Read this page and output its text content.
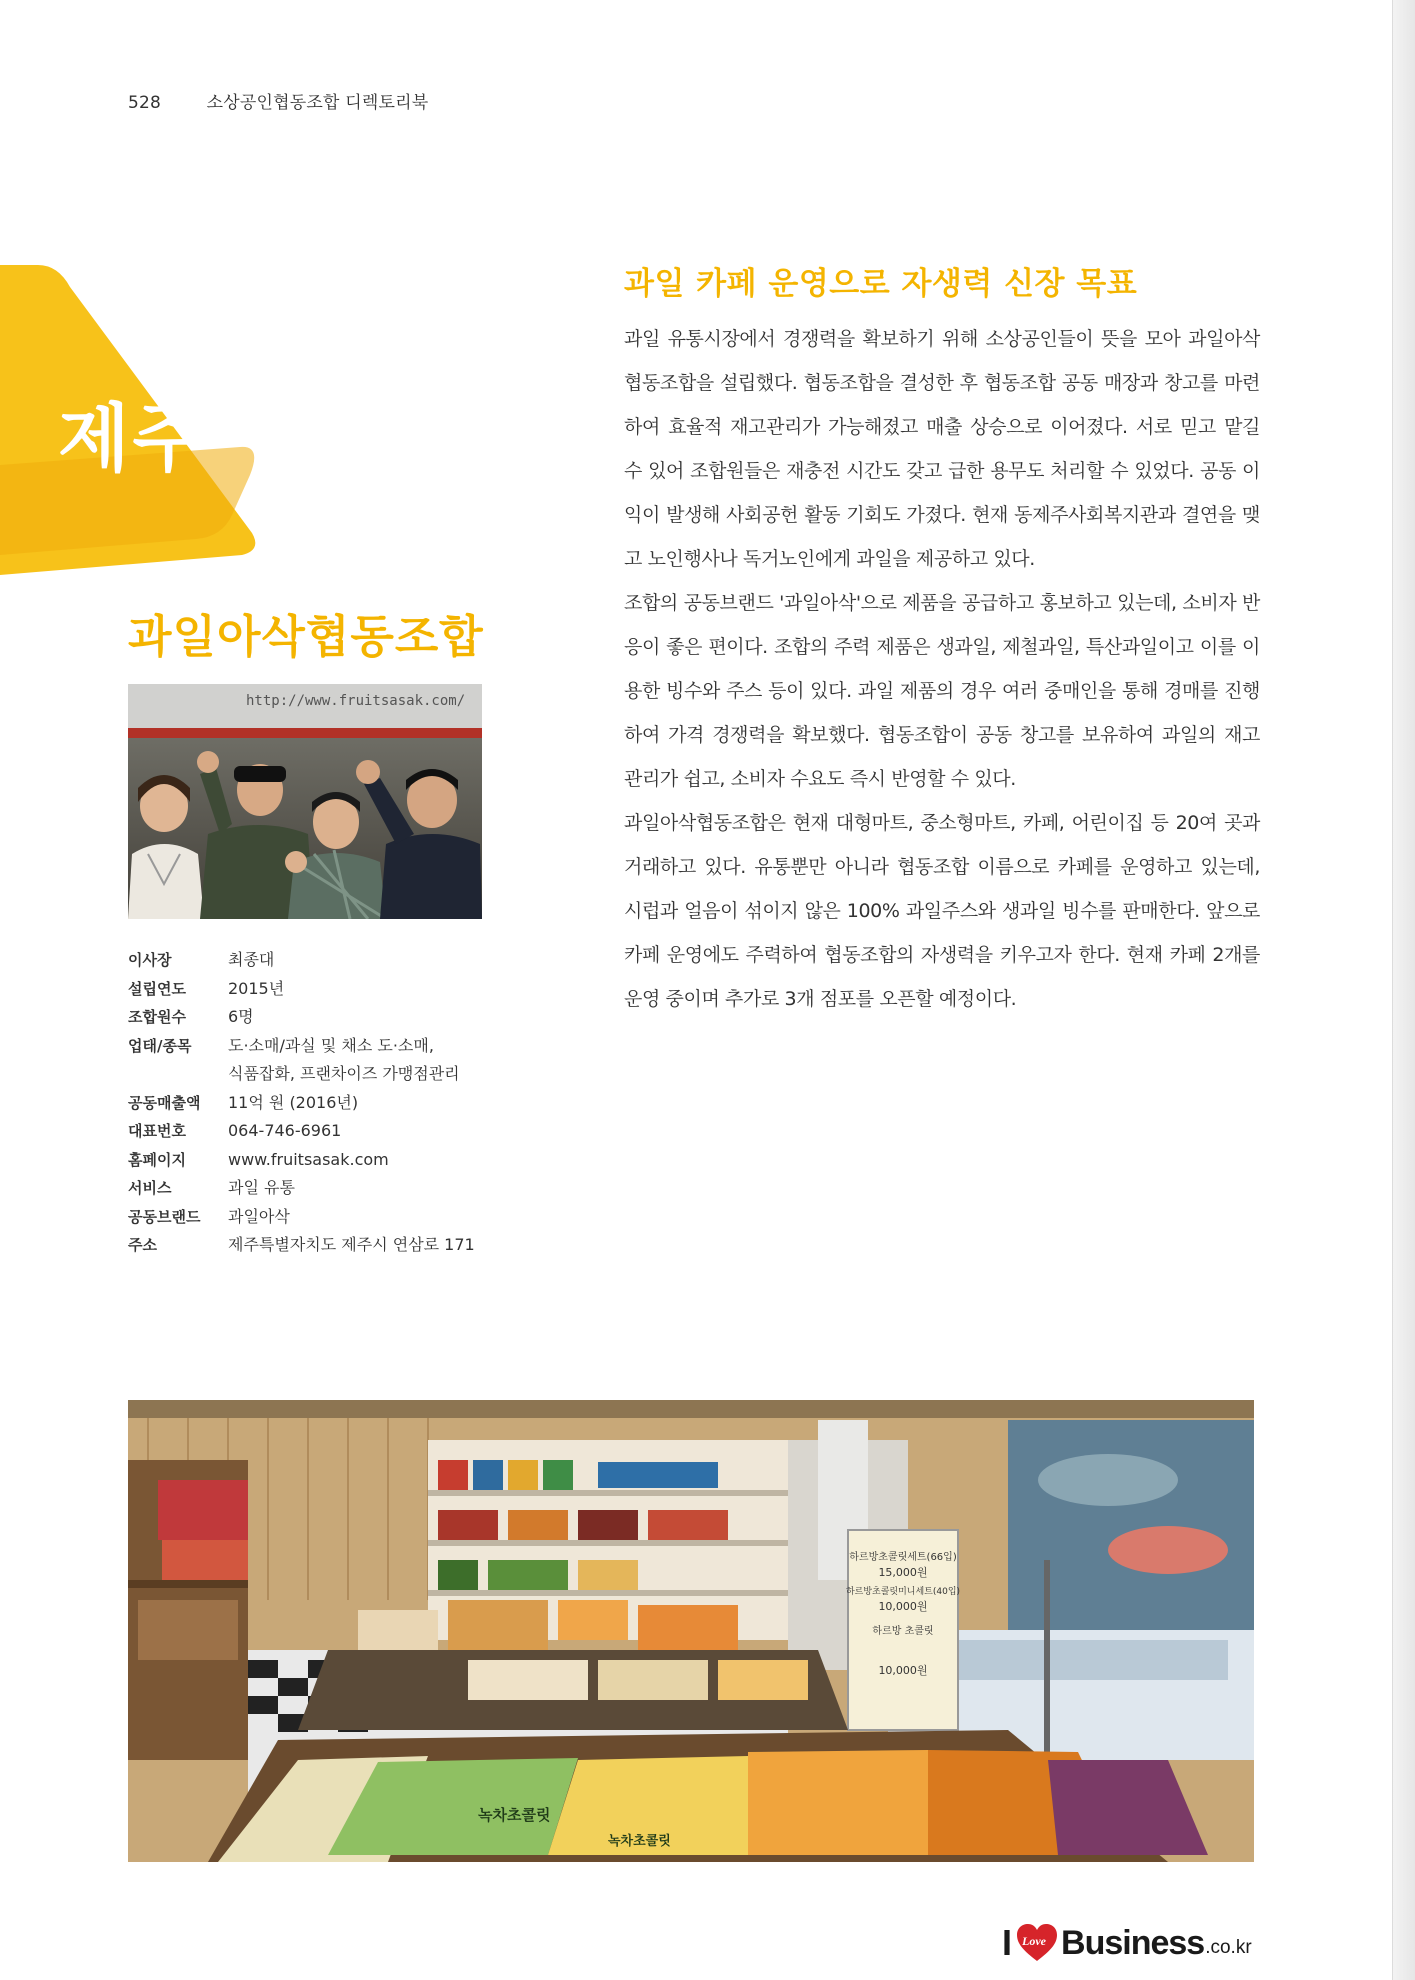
528	소상공인협동조합 디렉토리북
제주
과일아삭협동조합
http://www.fruitsasak.com/
이사장	최종대
설립연도	2015년
조합원수	6명
업태/종목	도·소매/과실 및 채소 도·소매,
식품잡화, 프랜차이즈 가맹점관리
공동매출액	11억 원 (2016년)
대표번호	064-746-6961
홈페이지	www.fruitsasak.com
서비스	과일 유통
공동브랜드	과일아삭
주소	제주특별자치도 제주시 연삼로 171
과일 카페 운영으로 자생력 신장 목표

과일 유통시장에서 경쟁력을 확보하기 위해 소상공인들이 뜻을 모아 과일아삭협동조합을 설립했다. 협동조합을 결성한 후 협동조합 공동 매장과 창고를 마련하여 효율적 재고관리가 가능해졌고 매출 상승으로 이어졌다. 서로 믿고 맡길 수 있어 조합원들은 재충전 시간도 갖고 급한 용무도 처리할 수 있었다. 공동 이익이 발생해 사회공헌 활동 기회도 가졌다. 현재 동제주사회복지관과 결연을 맺고 노인행사나 독거노인에게 과일을 제공하고 있다.

조합의 공동브랜드 '과일아삭'으로 제품을 공급하고 홍보하고 있는데, 소비자 반응이 좋은 편이다. 조합의 주력 제품은 생과일, 제철과일, 특산과일이고 이를 이용한 빙수와 주스 등이 있다. 과일 제품의 경우 여러 중매인을 통해 경매를 진행하여 가격 경쟁력을 확보했다. 협동조합이 공동 창고를 보유하여 과일의 재고 관리가 쉽고, 소비자 수요도 즉시 반영할 수 있다.

과일아삭협동조합은 현재 대형마트, 중소형마트, 카페, 어린이집 등 20여 곳과 거래하고 있다. 유통뿐만 아니라 협동조합 이름으로 카페를 운영하고 있는데, 시럽과 얼음이 섞이지 않은 100% 과일주스와 생과일 빙수를 판매한다. 앞으로 카페 운영에도 주력하여 협동조합의 자생력을 키우고자 한다. 현재 카페 2개를 운영 중이며 추가로 3개 점포를 오픈할 예정이다.

하르방초콜릿세트(66입)
15,000원
하르방초콜릿미니세트(40입)
10,000원
하르방 초콜릿
10,000원
녹차초콜릿
녹차초콜릿
I Love Business .co.kr
